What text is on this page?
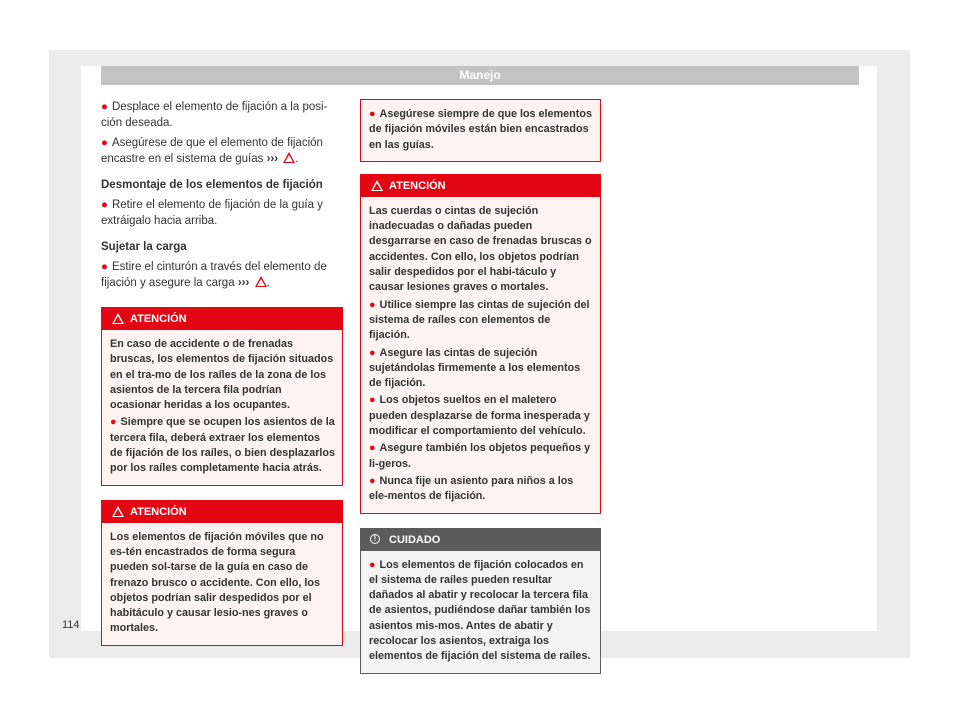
Manejo

● Desplace el elemento de fijación a la posi-ción deseada.

● Asegúrese de que el elemento de fijación encastre en el sistema de guías ››› .

Desmontaje de los elementos de fijación

● Retire el elemento de fijación de la guía y extráigalo hacia arriba.

Sujetar la carga

● Estire el cinturón a través del elemento de fijación y asegure la carga ››› .

ATENCIÓN

En caso de accidente o de frenadas bruscas, los elementos de fijación situados en el tra-mo de los raíles de la zona de los asientos de la tercera fila podrían ocasionar heridas a los ocupantes.

● Siempre que se ocupen los asientos de la tercera fila, deberá extraer los elementos de fijación de los raíles, o bien desplazarlos por los raíles completamente hacia atrás.

ATENCIÓN

Los elementos de fijación móviles que no es-tén encastrados de forma segura pueden sol-tarse de la guía en caso de frenazo brusco o accidente. Con ello, los objetos podrían salir despedidos por el habitáculo y causar lesio-nes graves o mortales.

● Asegúrese siempre de que los elementos de fijación móviles están bien encastrados en las guías.

ATENCIÓN

Las cuerdas o cintas de sujeción inadecuadas o dañadas pueden desgarrarse en caso de frenadas bruscas o accidentes. Con ello, los objetos podrían salir despedidos por el habi-táculo y causar lesiones graves o mortales.

● Utilice siempre las cintas de sujeción del sistema de raíles con elementos de fijación.

● Asegure las cintas de sujeción sujetándolas firmemente a los elementos de fijación.

● Los objetos sueltos en el maletero pueden desplazarse de forma inesperada y modificar el comportamiento del vehículo.

● Asegure también los objetos pequeños y li-geros.

● Nunca fije un asiento para niños a los ele-mentos de fijación.

!	CUIDADO

● Los elementos de fijación colocados en el sistema de raíles pueden resultar dañados al abatir y recolocar la tercera fila de asientos, pudiéndose dañar también los asientos mis-mos. Antes de abatir y recolocar los asientos, extraiga los elementos de fijación del sistema de raíles.

114
